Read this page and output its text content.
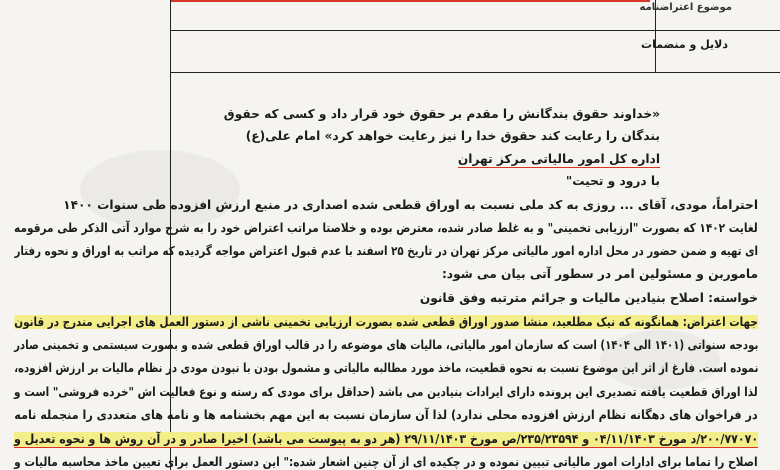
موضوع اعتراضنامه
دلایل و منضمات
«خداوند حقوق بندگانش را مقدم بر حقوق خود قرار داد و کسی که حقوق
بندگان را رعایت کند حقوق خدا را نیز رعایت خواهد کرد» امام علی(ع)
اداره کل امور مالیاتی مرکز تهران
با درود و تحیت"
احتراماً، مودی، آقای ... روزی به کد ملی نسبت به اوراق قطعی شده اصداری در منبع ارزش افزوده طی سنوات ۱۴۰۰
لغایت ۱۴۰۲ که بصورت "ارزیابی تخمینی" و به غلط صادر شده، معترض بوده و خلاصتا مراتب اعتراض خود را به شرح موارد آتی الذکر طی مرقومه
ای تهیه و ضمن حضور در محل اداره امور مالیاتی مرکز تهران در تاریخ ۲۵ اسفند با عدم قبول اعتراض مواجه گردیده که مراتب به اوراق و نحوه رفتار
ماموربن و مسئولین امر در سطور آتی بیان می شود:
خواسته: اصلاح بنیادین مالیات و جرائم مترتبه وفق قانون
جهات اعتراض: همانگونه که نیک مطلعید، منشا صدور اوراق قطعی شده بصورت ارزیابی تخمینی ناشی از دستور العمل های اجرایی مندرج در قانون
بودجه سنواتی (۱۴۰۱ الی ۱۴۰۴) است که سازمان امور مالیاتی، مالیات های موضوعه را در قالب اوراق قطعی شده و بصورت سیستمی و تخمینی صادر
نموده است. فارغ از اثر این موضوع نسبت به نحوه قطعیت، ماخذ مورد مطالبه مالیاتی و مشمول بودن با نبودن مودی در نظام مالیات بر ارزش افزوده،
لذا اوراق قطعیت یافته تصدیری این پرونده دارای ایرادات بنیادین می باشد (حداقل برای مودی که رسته و نوع فعالیت اش "خرده فروشی" است و
در فراخوان های دهگانه نظام ارزش افزوده محلی ندارد) لذا آن سازمان نسبت به این مهم بخشنامه ها و نامه های متعددی را منجمله نامه
۲۰۰/۷۷۰۷۰/د مورخ ۰۴/۱۱/۱۴۰۳ و ۲۳۵/۲۳۵۹۴/ص مورخ ۲۹/۱۱/۱۴۰۳ (هر دو به پیوست می باشد) اخیرا صادر و در آن روش ها و نحوه تعدیل و
اصلاح را تماما برای ادارات امور مالیاتی تبیین نموده و در چکیده ای از آن چنین اشعار شده:" این دستور العمل برای تعیین ماخذ محاسبه مالیات و
